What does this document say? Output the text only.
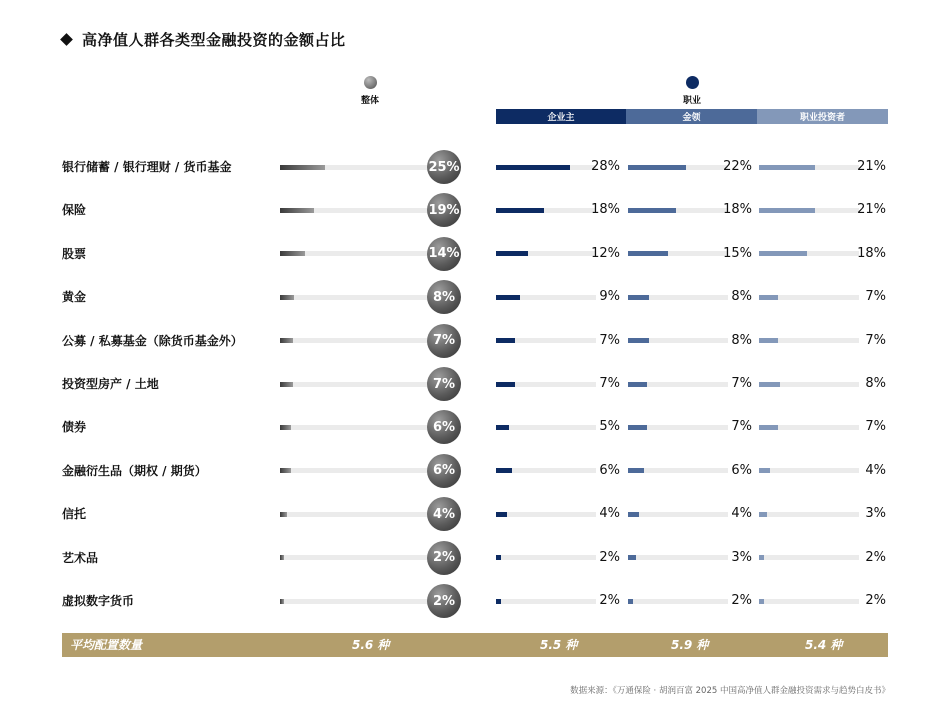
高净值人群各类型金融投资的金额占比
整体	职业
企业主	金领	职业投资者
银行储蓄 / 银行理财 / 货币基金	25%	28%	22%	21%
保险	19%	18%	18%	21%
股票	14%	12%	15%	18%
黄金	8%	9%	8%	7%
公募 / 私募基金（除货币基金外）	7%	7%	8%	7%
投资型房产 / 土地	7%	7%	7%	8%
债券	6%	5%	7%	7%
金融衍生品（期权 / 期货）	6%	6%	6%	4%
信托	4%	4%	4%	3%
艺术品	2%	2%	3%	2%
虚拟数字货币	2%	2%	2%	2%
平均配置数量	5.6 种	5.5 种	5.9 种	5.4 种
数据来源：《万通保险 · 胡润百富 2025 中国高净值人群金融投资需求与趋势白皮书》
